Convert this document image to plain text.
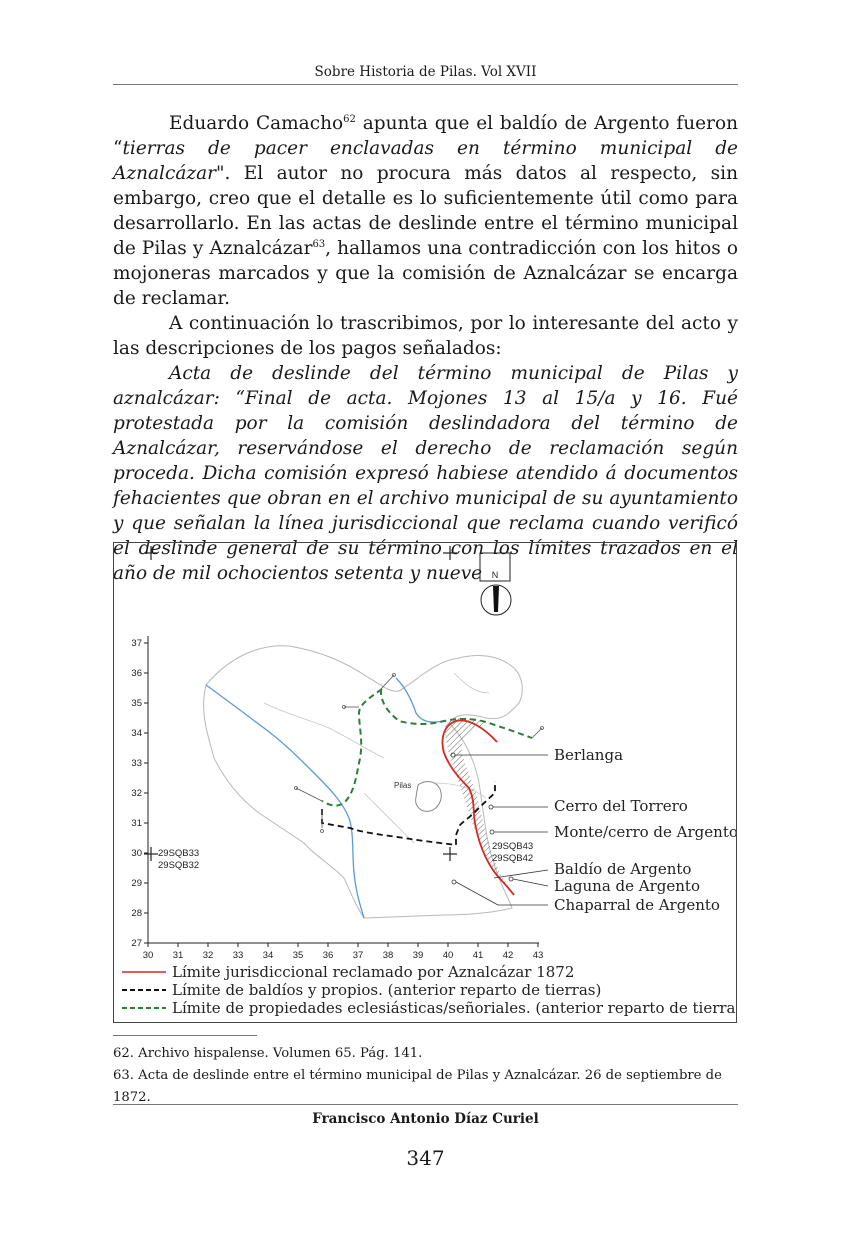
Sobre Historia de Pilas. Vol XVII

Eduardo Camacho$^{62}$ apunta que el baldío de Argento fueron “tierras de pacer enclavadas en término municipal de Aznalcázar". El autor no procura más datos al respecto, sin embargo, creo que el detalle es lo suficientemente útil como para desarrollarlo. En las actas de deslinde entre el término municipal de Pilas y Aznalcázar$^{63}$, hallamos una contradicción con los hitos o mojoneras marcados y que la comisión de Aznalcázar se encarga de reclamar.

A continuación lo trascribimos, por lo interesante del acto y las descripciones de los pagos señalados:

Acta de deslinde del término municipal de Pilas y aznalcázar: “Final de acta. Mojones 13 al 15/a y 16. Fué protestada por la comisión deslindadora del término de Aznalcázar, reservándose el derecho de reclamación según proceda. Dicha comisión expresó habiese atendido á documentos fehacientes que obran en el archivo municipal de su ayuntamiento y que señalan la línea jurisdiccional que reclama cuando verificó el deslinde general de su término con los límites trazados en el año de mil ochocientos setenta y nueve	N
30 31 32 33 34 35 36 37 38 39 40 41 42 43
37
36
35
34
33
32
31
30
29
28
27
Pilas
29SQB33
29SQB32
29SQB43
29SQB42
Berlanga
Cerro del Torrero
Monte/cerro de Argento
Baldío de Argento
Laguna de Argento
Chaparral de Argento
Límite jurisdiccional reclamado por Aznalcázar 1872
Límite de baldíos y propios. (anterior reparto de tierras)
Límite de propiedades eclesiásticas/señoriales. (anterior reparto de tierras)
62. Archivo hispalense. Volumen 65. Pág. 141.
63. Acta de deslinde entre el término municipal de Pilas y Aznalcázar. 26 de septiembre de 1872.
Francisco Antonio Díaz Curiel
347
